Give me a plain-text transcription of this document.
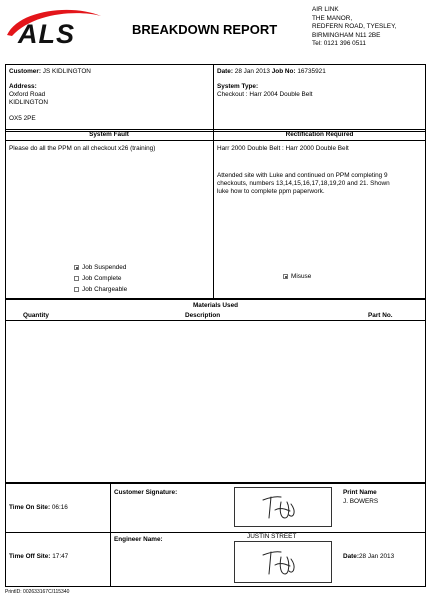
ALS	BREAKDOWN REPORT
AIR LINK
THE MANOR,
REDFERN ROAD, TYESLEY,
BIRMINGHAM N11 2BE
Tel: 0121 396 0511
Customer: JS KIDLINGTON
Address:
Oxford Road
KIDLINGTON
OX5 2PE
Date: 28 Jan 2013 Job No: 16735921
System Type:
Checkout : Harr 2004 Double Belt
System Fault	Rectification Required
Please do all the PPM on all checkout x26 (training)	Harr 2000 Double Belt : Harr 2000 Double Belt
Attended site with Luke and continued on PPM completing 9
checkouts, numbers 13,14,15,16,17,18,19,20 and 21. Shown
luke how to complete ppm paperwork.
Job Suspended
Job Complete
Job Chargeable
Misuse
Materials Used
Quantity	Description	Part No.
Time On Site: 06:16
Customer Signature:	Print Name
J. BOWERS
Time Off Site: 17:47
Engineer Name:	JUSTIN STREET
Date:28 Jan 2013
PrintID: 002633167C/115340
